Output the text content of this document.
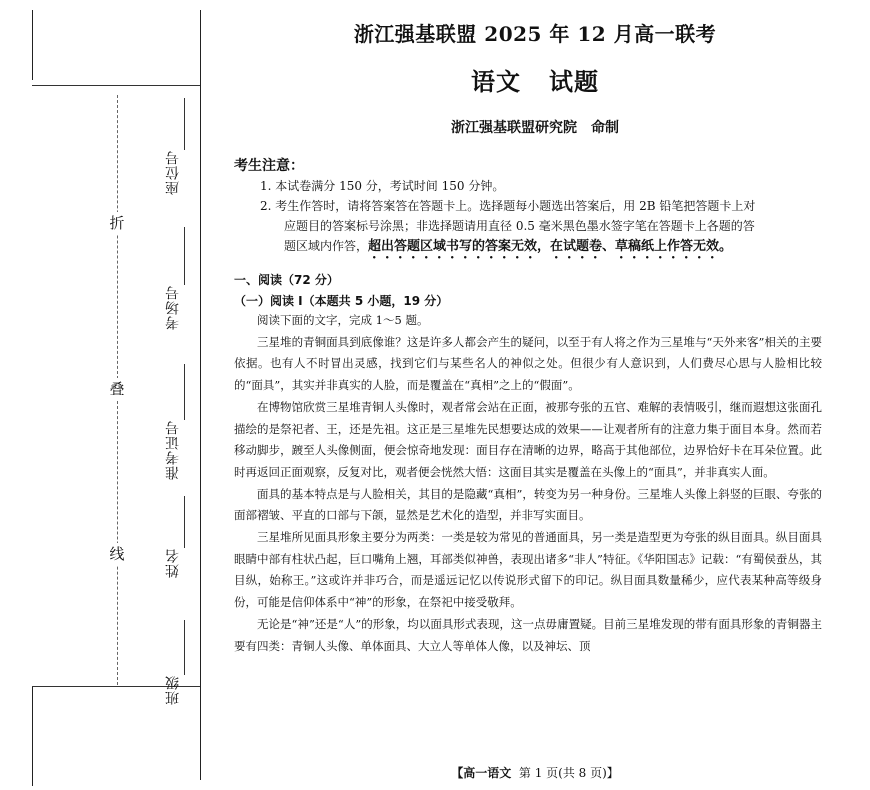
折
叠
线
座位号
考场号
准考证号
姓名
班级
浙江强基联盟 2025 年 12 月高一联考
语文 试题
浙江强基联盟研究院 命制
考生注意：
1. 本试卷满分 150 分，考试时间 150 分钟。
2. 考生作答时，请将答案答在答题卡上。选择题每小题选出答案后，用 2B 铅笔把答题卡上对
应题目的答案标号涂黑；非选择题请用直径 0.5 毫米黑色墨水签字笔在答题卡上各题的答
题区域内作答，超出答题区域书写的答案无效，在试题卷、草稿纸上作答无效。
一、阅读（72 分）
（一）阅读 Ⅰ（本题共 5 小题，19 分）

阅读下面的文字，完成 1～5 题。

三星堆的青铜面具到底像谁？这是许多人都会产生的疑问，以至于有人将之作为三星堆与“天外来客”相关的主要依据。也有人不时冒出灵感，找到它们与某些名人的神似之处。但很少有人意识到，人们费尽心思与人脸相比较的“面具”，其实并非真实的人脸，而是覆盖在“真相”之上的“假面”。

在博物馆欣赏三星堆青铜人头像时，观者常会站在正面，被那夸张的五官、难解的表情吸引，继而遐想这张面孔描绘的是祭祀者、王，还是先祖。这正是三星堆先民想要达成的效果——让观者所有的注意力集于面目本身。然而若移动脚步，踱至人头像侧面，便会惊奇地发现：面目存在清晰的边界，略高于其他部位，边界恰好卡在耳朵位置。此时再返回正面观察，反复对比，观者便会恍然大悟：这面目其实是覆盖在头像上的“面具”，并非真实人面。

面具的基本特点是与人脸相关，其目的是隐藏“真相”，转变为另一种身份。三星堆人头像上斜竖的巨眼、夸张的面部褶皱、平直的口部与下颌，显然是艺术化的造型，并非写实面目。

三星堆所见面具形象主要分为两类：一类是较为常见的普通面具，另一类是造型更为夸张的纵目面具。纵目面具眼睛中部有柱状凸起，巨口嘴角上翘，耳部类似神兽，表现出诸多“非人”特征。《华阳国志》记载：“有蜀侯蚕丛，其目纵，始称王。”这或许并非巧合，而是遥远记忆以传说形式留下的印记。纵目面具数量稀少，应代表某种高等级身份，可能是信仰体系中“神”的形象，在祭祀中接受敬拜。

无论是“神”还是“人”的形象，均以面具形式表现，这一点毋庸置疑。目前三星堆发现的带有面具形象的青铜器主要有四类：青铜人头像、单体面具、大立人等单体人像，以及神坛、顶

【高一语文 第 1 页(共 8 页)】
